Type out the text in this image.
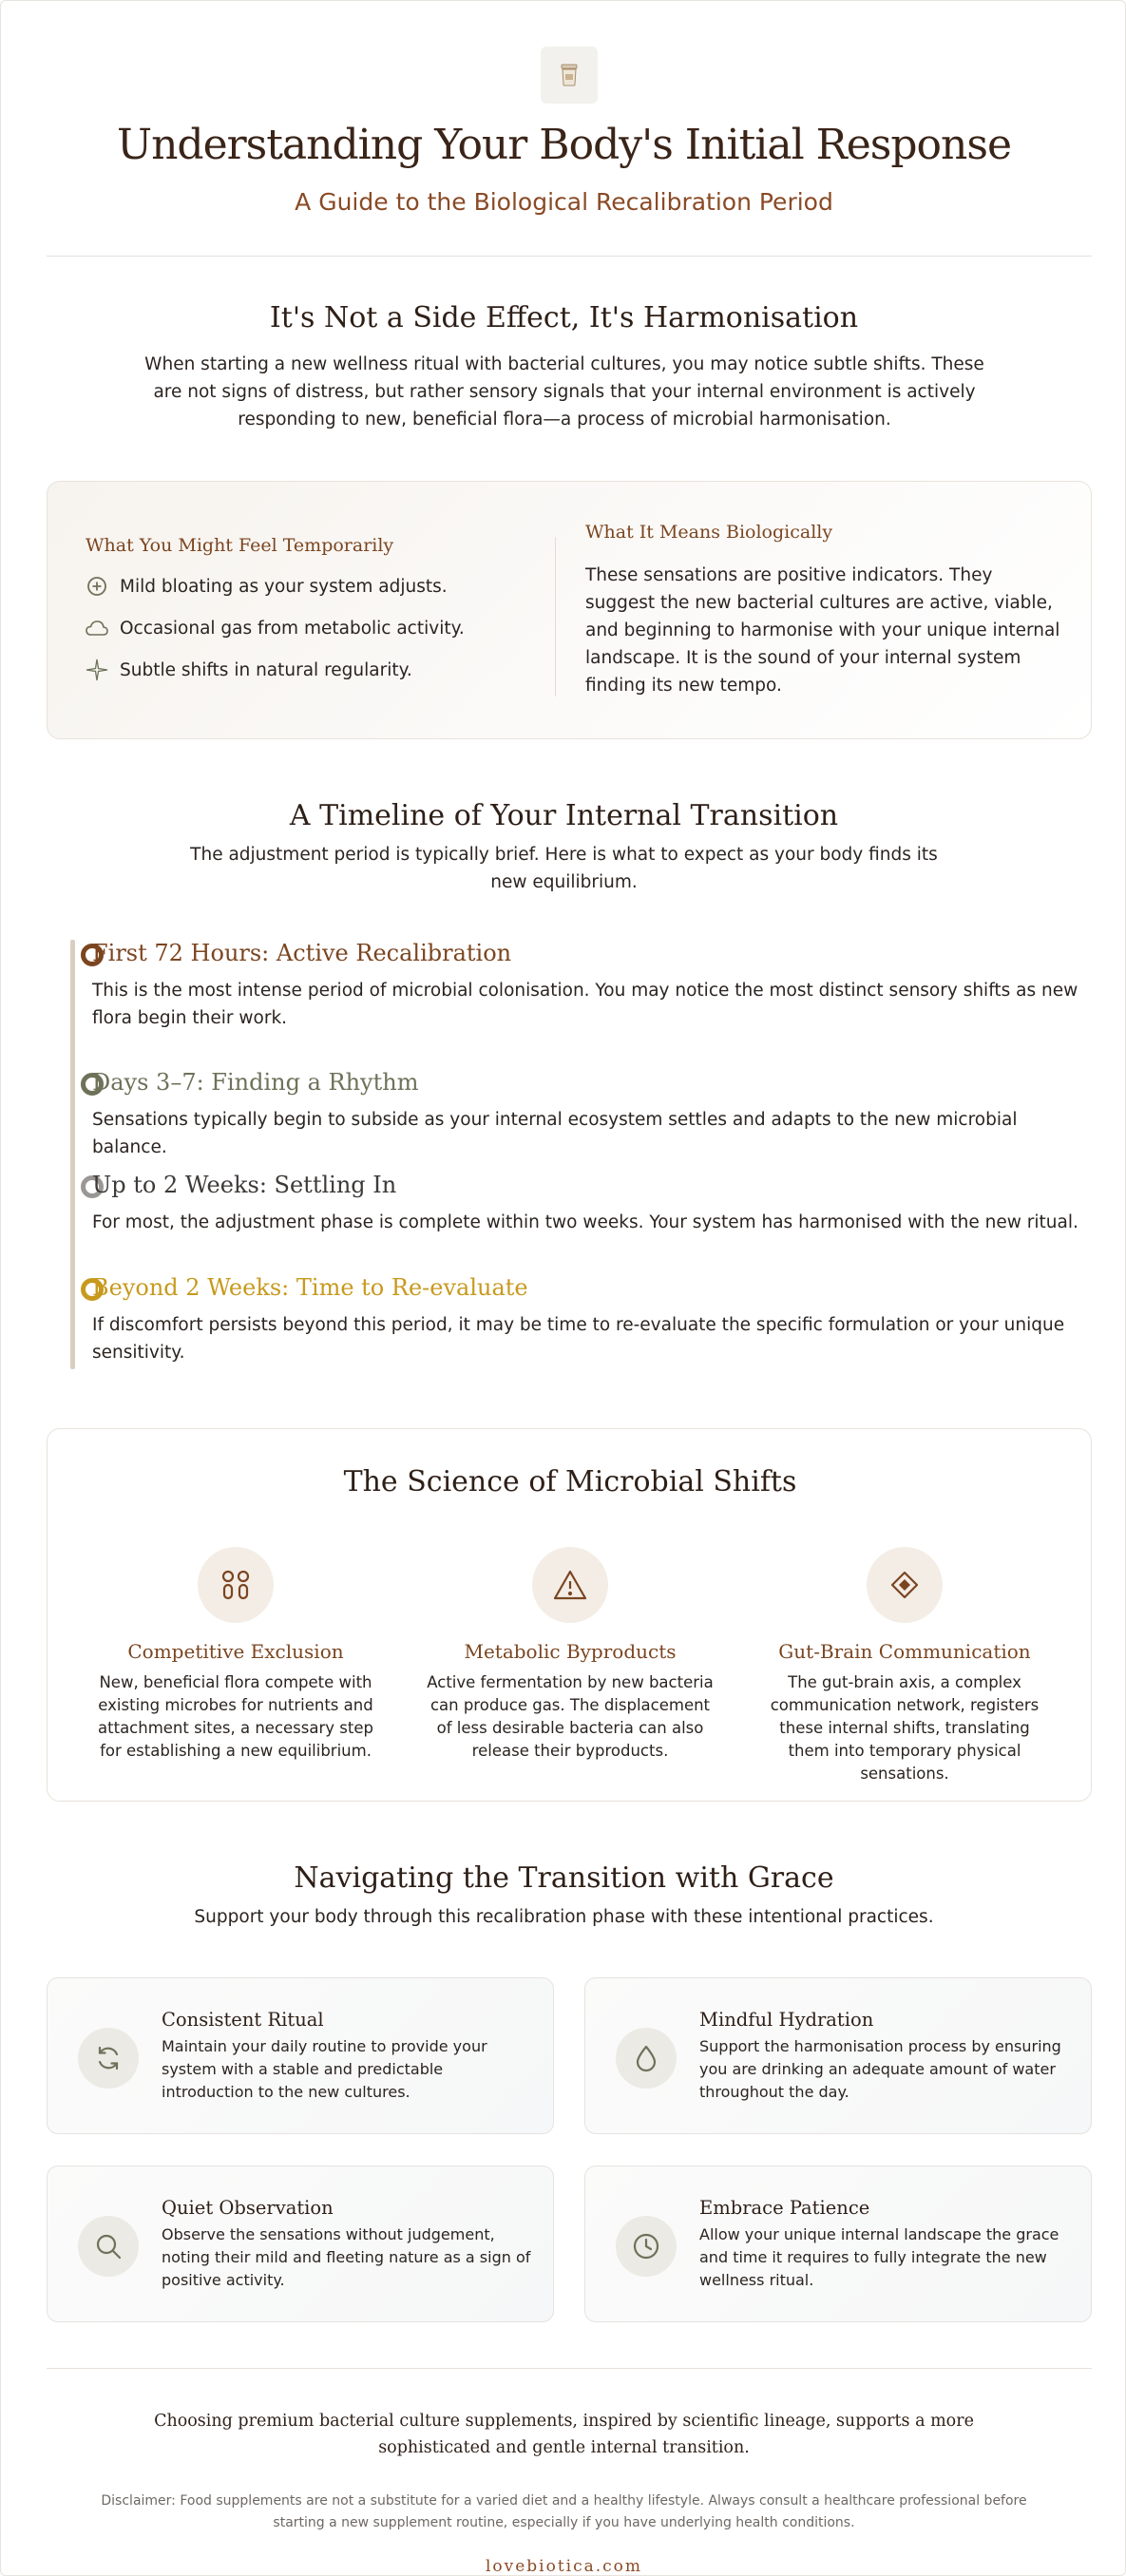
Understanding Your Body's Initial Response
A Guide to the Biological Recalibration Period
It's Not a Side Effect, It's Harmonisation
When starting a new wellness ritual with bacterial cultures, you may notice subtle shifts. These are not signs of distress, but rather sensory signals that your internal environment is actively responding to new, beneficial flora—a process of microbial harmonisation.
What You Might Feel Temporarily
Mild bloating as your system adjusts.
Occasional gas from metabolic activity.
Subtle shifts in natural regularity.
What It Means Biologically
These sensations are positive indicators. They suggest the new bacterial cultures are active, viable, and beginning to harmonise with your unique internal landscape. It is the sound of your internal system finding its new tempo.
A Timeline of Your Internal Transition
The adjustment period is typically brief. Here is what to expect as your body finds its new equilibrium.
First 72 Hours: Active Recalibration
This is the most intense period of microbial colonisation. You may notice the most distinct sensory shifts as new flora begin their work.
Days 3–7: Finding a Rhythm
Sensations typically begin to subside as your internal ecosystem settles and adapts to the new microbial balance.
Up to 2 Weeks: Settling In
For most, the adjustment phase is complete within two weeks. Your system has harmonised with the new ritual.
Beyond 2 Weeks: Time to Re-evaluate
If discomfort persists beyond this period, it may be time to re-evaluate the specific formulation or your unique sensitivity.
The Science of Microbial Shifts
Competitive Exclusion
New, beneficial flora compete with existing microbes for nutrients and attachment sites, a necessary step for establishing a new equilibrium.
Metabolic Byproducts
Active fermentation by new bacteria can produce gas. The displacement of less desirable bacteria can also release their byproducts.
Gut-Brain Communication
The gut-brain axis, a complex communication network, registers these internal shifts, translating them into temporary physical sensations.
Navigating the Transition with Grace
Support your body through this recalibration phase with these intentional practices.
Consistent Ritual
Maintain your daily routine to provide your system with a stable and predictable introduction to the new cultures.
Mindful Hydration
Support the harmonisation process by ensuring you are drinking an adequate amount of water throughout the day.
Quiet Observation
Observe the sensations without judgement, noting their mild and fleeting nature as a sign of positive activity.
Embrace Patience
Allow your unique internal landscape the grace and time it requires to fully integrate the new wellness ritual.
Choosing premium bacterial culture supplements, inspired by scientific lineage, supports a more sophisticated and gentle internal transition.
Disclaimer: Food supplements are not a substitute for a varied diet and a healthy lifestyle. Always consult a healthcare professional before starting a new supplement routine, especially if you have underlying health conditions.
lovebiotica.com
